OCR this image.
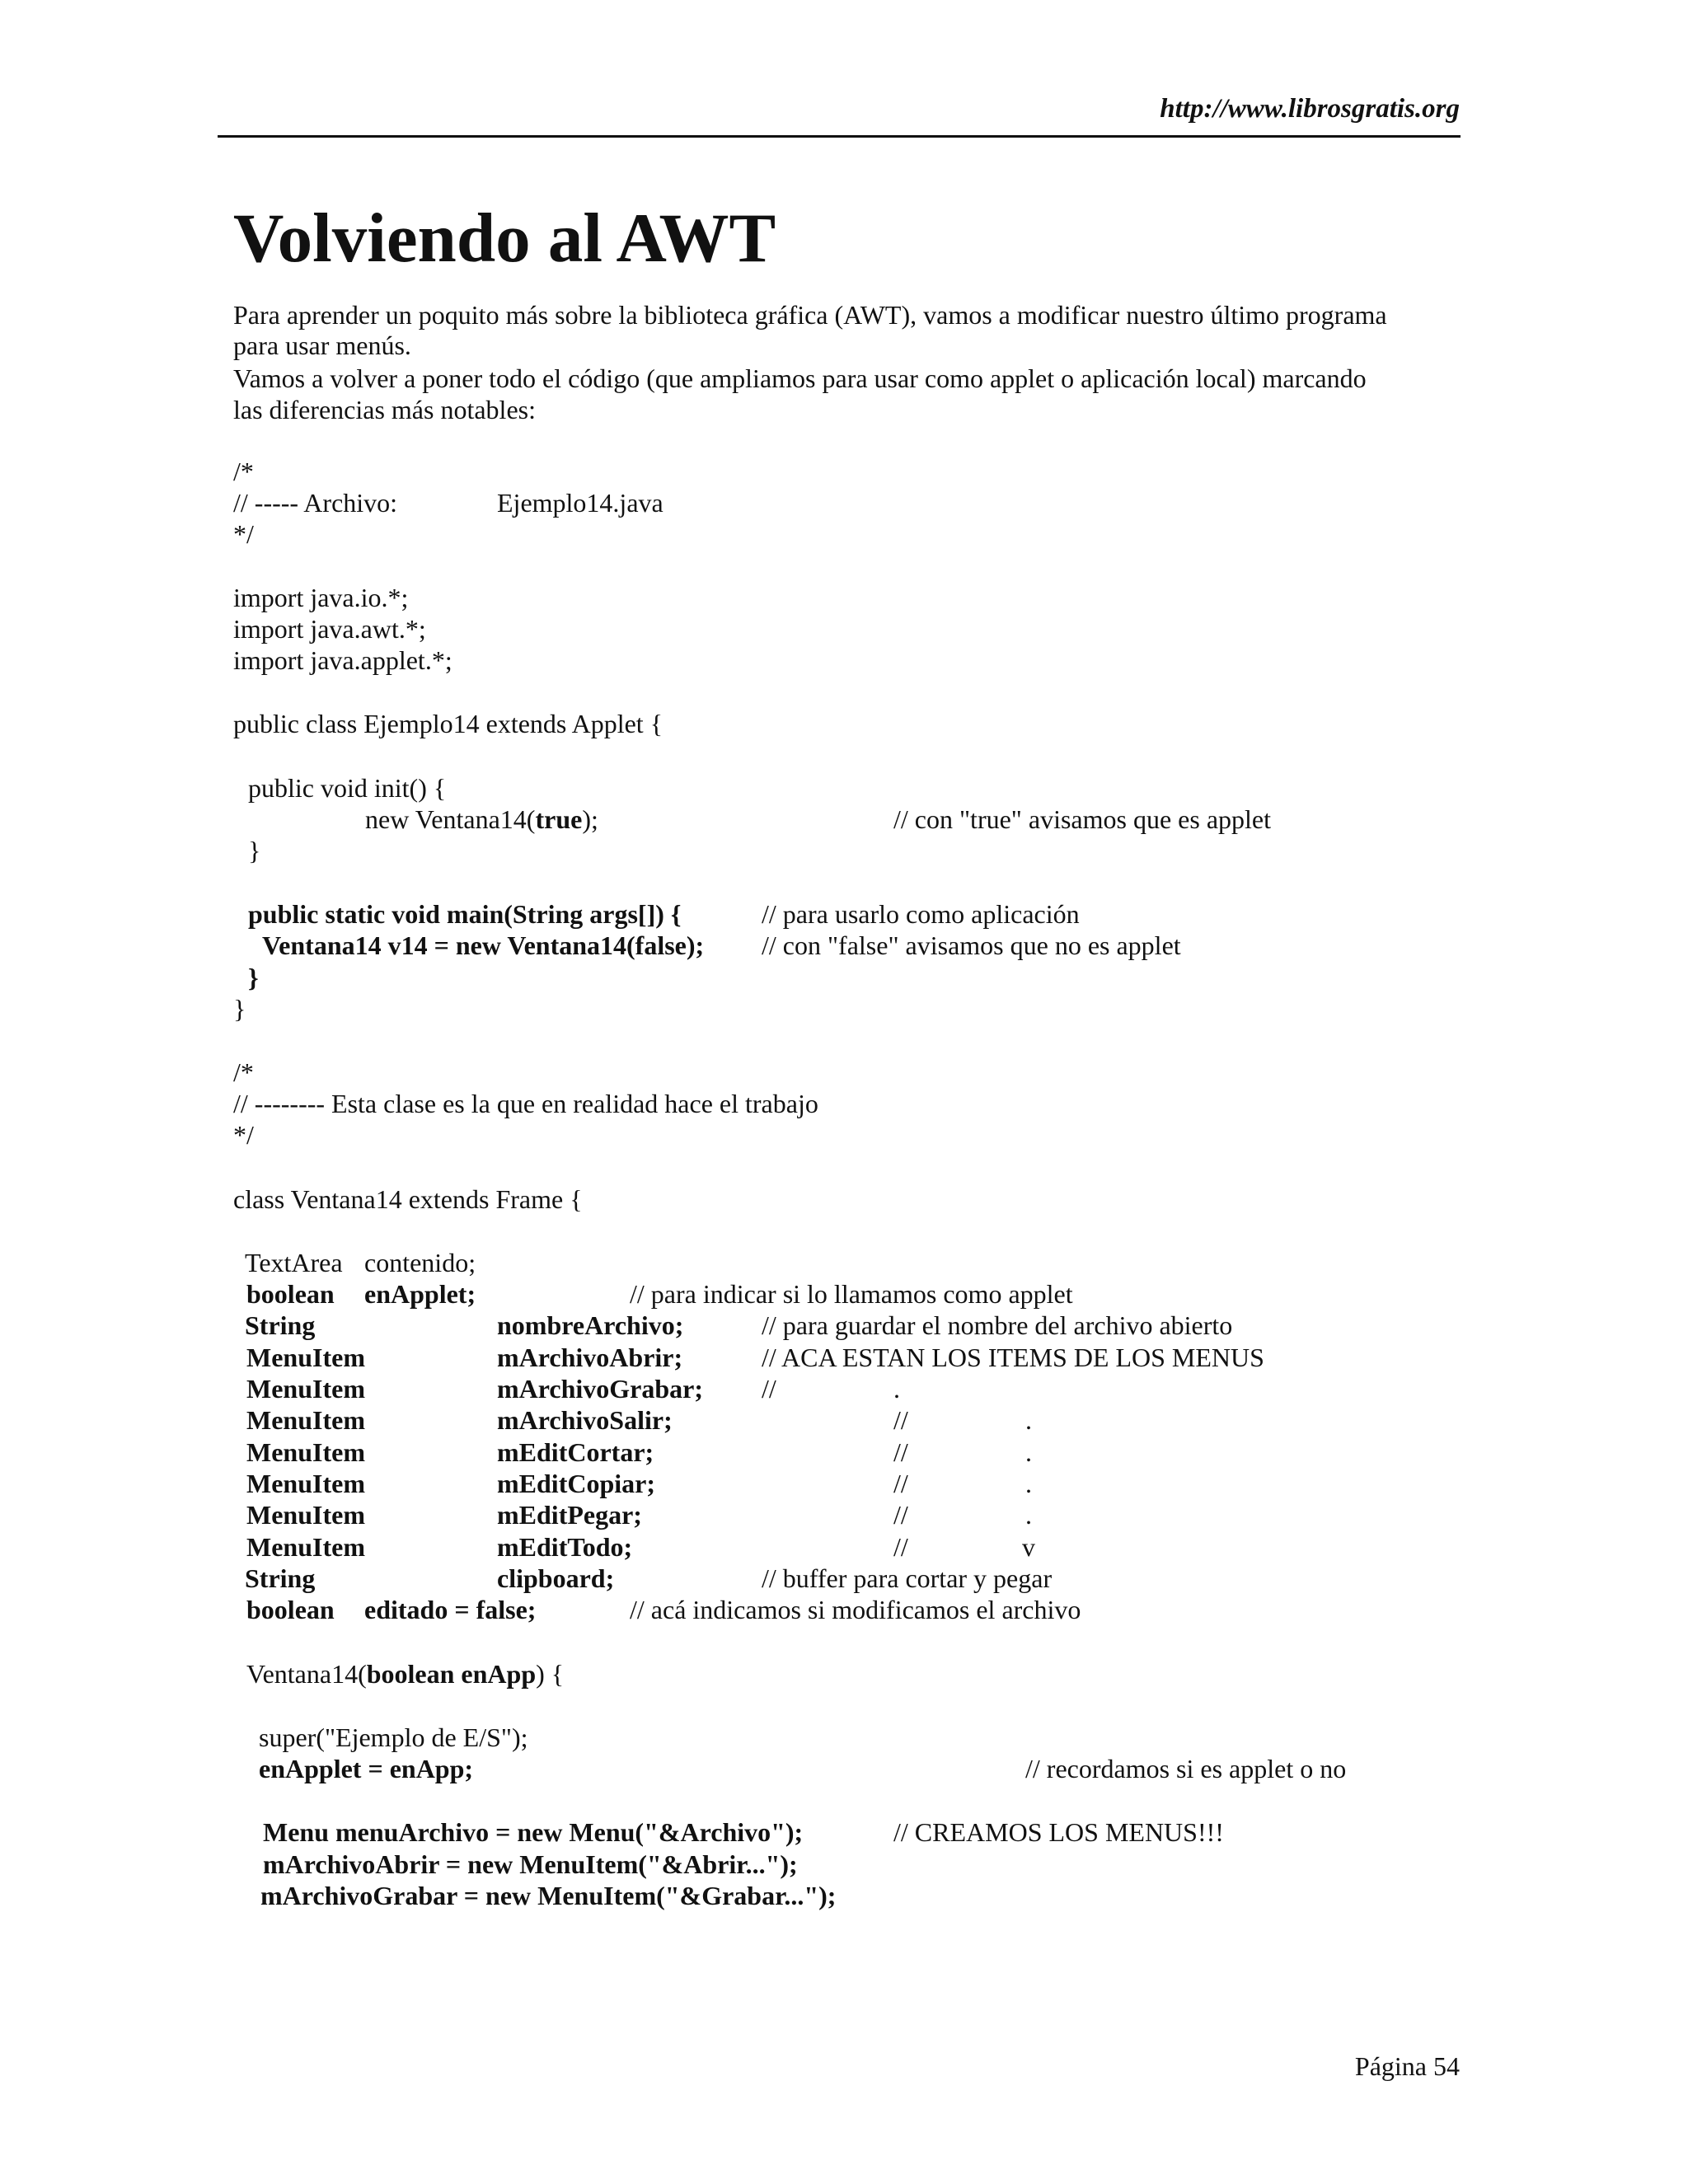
http://www.librosgratis.org
Volviendo al AWT
Para aprender un poquito más sobre la biblioteca gráfica (AWT), vamos a modificar nuestro último programa
para usar menús.
Vamos a volver a poner todo el código (que ampliamos para usar como applet o aplicación local) marcando
las diferencias más notables:
/*
// ----- Archivo:	Ejemplo14.java
*/
import java.io.*;
import java.awt.*;
import java.applet.*;
public class Ejemplo14 extends Applet {
public void init() {
new Ventana14(true);	// con "true" avisamos que es applet
}
public static void main(String args[]) {	// para usarlo como aplicación
Ventana14 v14 = new Ventana14(false); // con "false" avisamos que no es applet
}
}
/*
// -------- Esta clase es la que en realidad hace el trabajo
*/
class Ventana14 extends Frame {
TextArea contenido;
boolean enApplet;	// para indicar si lo llamamos como applet
String	nombreArchivo;	// para guardar el nombre del archivo abierto
MenuItem	mArchivoAbrir;	// ACA ESTAN LOS ITEMS DE LOS MENUS
MenuItem	mArchivoGrabar; //	.
MenuItem	mArchivoSalir;	//	.
MenuItem	mEditCortar;	//	.
MenuItem	mEditCopiar;	//	.
MenuItem	mEditPegar;	//	.
MenuItem	mEditTodo;	//	v
String	clipboard;	// buffer para cortar y pegar
boolean editado = false;	// acá indicamos si modificamos el archivo
Ventana14(boolean enApp) {
super("Ejemplo de E/S");
enApplet = enApp;	// recordamos si es applet o no
Menu menuArchivo = new Menu("&Archivo");	// CREAMOS LOS MENUS!!!
mArchivoAbrir = new MenuItem("&Abrir...");
mArchivoGrabar = new MenuItem("&Grabar...");
Página 54
